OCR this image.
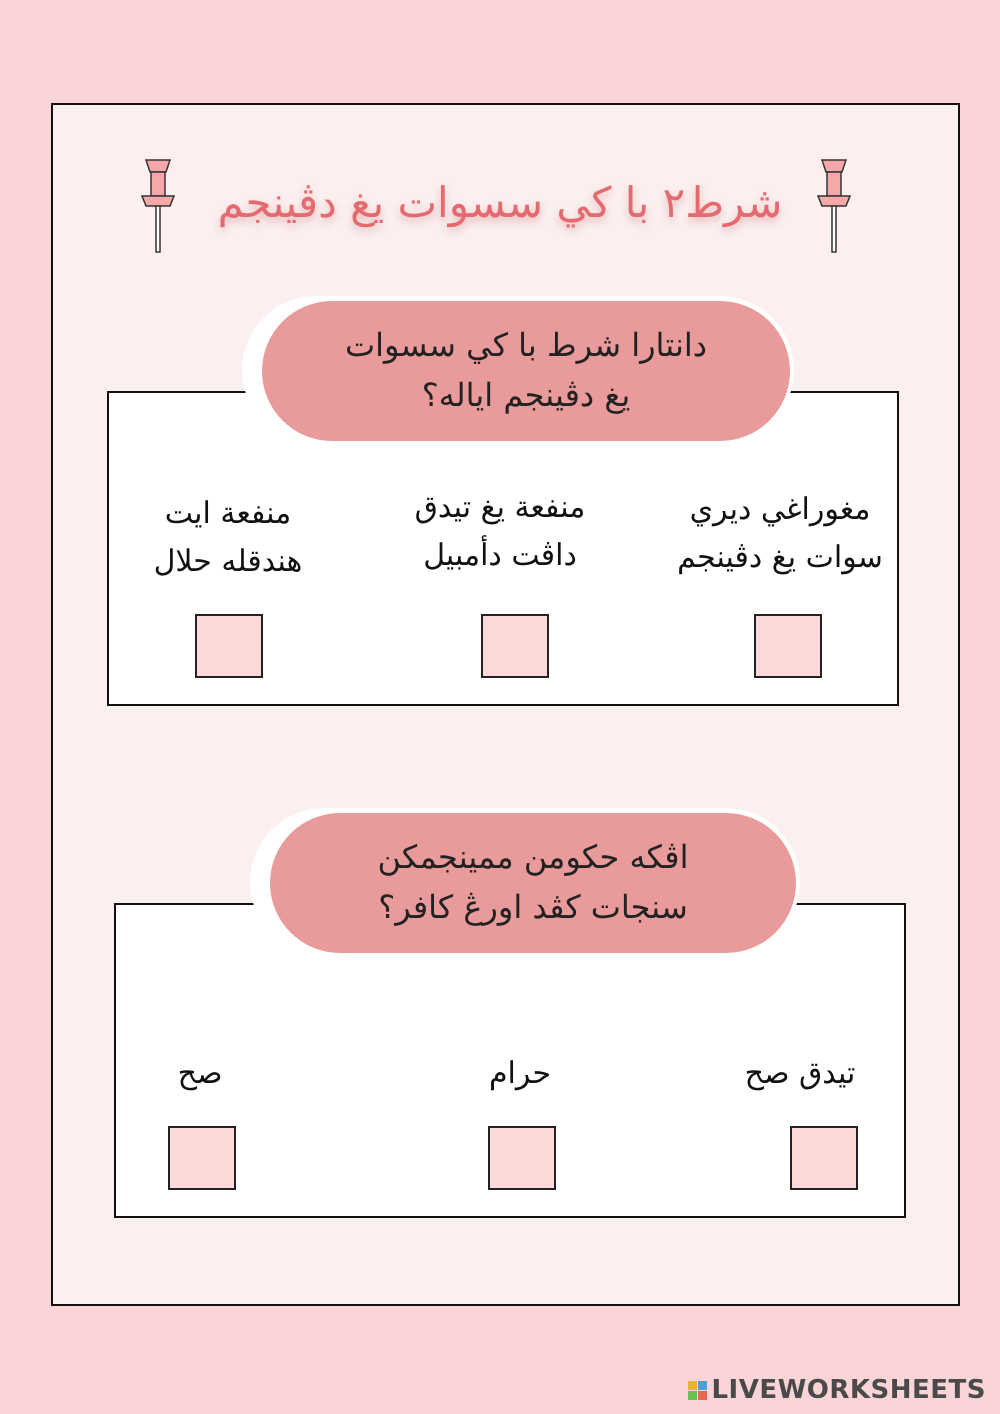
شرط٢ با كي سسوات يغ دڤينجم
دانتارا شرط با كي سسوات
يغ دڤينجم اياله؟
مغوراغي ديري
سوات يغ دڤينجم
منفعة يغ تيدق
داڤت دأمبيل
منفعة ايت
هندقله حلال
اڤكه حكومن ممينجمكن
سنجات كڤد اورڠ كافر؟
تيدق صح
حرام
صح
LIVEWORKSHEETS
